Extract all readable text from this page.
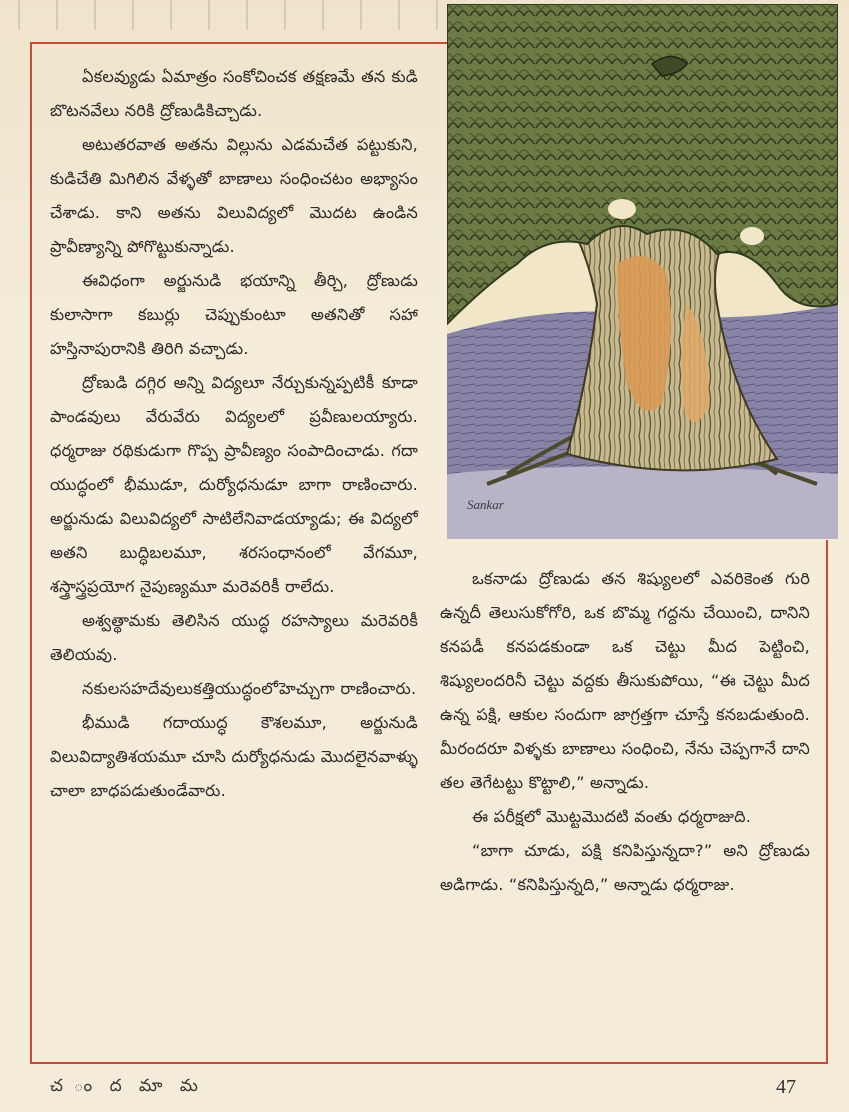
ఏకలవ్యుడు ఏమాత్రం సంకోచించక తక్షణమే తన కుడి బొటనవేలు నరికి ద్రోణుడికిచ్చాడు.

అటుతరవాత అతను విల్లును ఎడమచేత పట్టుకుని, కుడిచేతి మిగిలిన వేళ్ళతో బాణాలు సంధించటం అభ్యాసం చేశాడు. కాని అతను విలువిద్యలో మొదట ఉండిన ప్రావీణ్యాన్ని పోగొట్టుకున్నాడు.

ఈవిధంగా అర్జునుడి భయాన్ని తీర్చి, ద్రోణుడు కులాసాగా కబుర్లు చెప్పుకుంటూ అతనితో సహా హస్తినాపురానికి తిరిగి వచ్చాడు.

ద్రోణుడి దగ్గిర అన్ని విద్యలూ నేర్చుకున్నప్పటికీ కూడా పాండవులు వేరువేరు విద్యలలో ప్రవీణులయ్యారు. ధర్మరాజు రథికుడుగా గొప్ప ప్రావీణ్యం సంపాదించాడు. గదా యుద్ధంలో భీముడూ, దుర్యోధనుడూ బాగా రాణించారు. అర్జునుడు విలువిద్యలో సాటిలేనివాడయ్యాడు; ఈ విద్యలో అతని బుద్ధిబలమూ, శరసంధానంలో వేగమూ, శస్త్రాస్త్రప్రయోగ నైపుణ్యమూ మరెవరికీ రాలేదు.

అశ్వత్థామకు తెలిసిన యుద్ధ రహస్యాలు మరెవరికీ తెలియవు.

నకులసహదేవులుకత్తియుద్ధంలోహెచ్చుగా రాణించారు.

భీముడి గదాయుద్ధ కౌశలమూ, అర్జునుడి విలువిద్యాతిశయమూ చూసి దుర్యోధనుడు మొదలైనవాళ్ళు చాలా బాధపడుతుండేవారు.

Sankar

ఒకనాడు ద్రోణుడు తన శిష్యులలో ఎవరికెంత గురి ఉన్నదీ తెలుసుకోగోరి, ఒక బొమ్మ గద్దను చేయించి, దానిని కనపడీ కనపడకుండా ఒక చెట్టు మీద పెట్టించి, శిష్యులందరినీ చెట్టు వద్దకు తీసుకుపోయి, “ఈ చెట్టు మీద ఉన్న పక్షి, ఆకుల సందుగా జాగ్రత్తగా చూస్తే కనబడుతుంది. మీరందరూ విళ్ళకు బాణాలు సంధించి, నేను చెప్పగానే దాని తల తెగేటట్టు కొట్టాలి,” అన్నాడు.

ఈ పరీక్షలో మొట్టమొదటి వంతు ధర్మరాజుది.

“బాగా చూడు, పక్షి కనిపిస్తున్నదా?” అని ద్రోణుడు అడిగాడు. “కనిపిస్తున్నది,” అన్నాడు ధర్మరాజు.

చ ం ద మా మ	47
